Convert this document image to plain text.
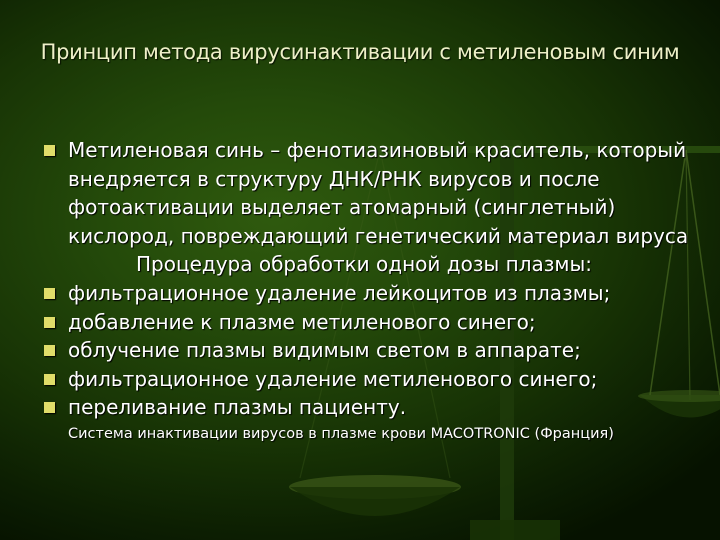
Принцип метода вирусинактивации с метиленовым синим
Метиленовая синь – фенотиазиновый краситель, который внедряется в структуру ДНК/РНК вирусов и после фотоактивации выделяет атомарный (синглетный) кислород, повреждающий генетический материал вируса
Процедура обработки одной дозы плазмы:
фильтрационное удаление лейкоцитов из плазмы;
добавление к плазме метиленового синего;
облучение плазмы видимым светом в аппарате;
фильтрационное удаление метиленового синего;
переливание плазмы пациенту.
Система инактивации вирусов в плазме крови MACOTRONIC (Франция)
